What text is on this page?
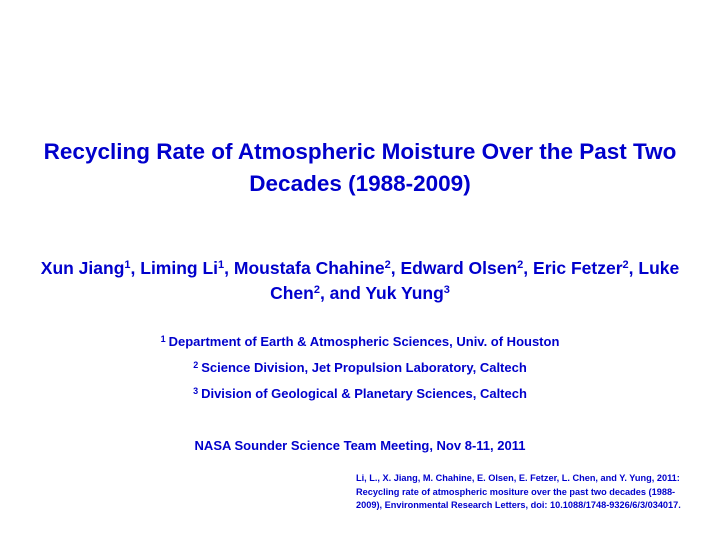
Recycling Rate of Atmospheric Moisture Over the Past Two Decades (1988-2009)
Xun Jiang$^1$, Liming Li$^1$, Moustafa Chahine$^2$, Edward Olsen$^2$, Eric Fetzer$^2$, Luke Chen$^2$, and Yuk Yung$^3$
$^1$ Department of Earth & Atmospheric Sciences, Univ. of Houston
$^2$ Science Division, Jet Propulsion Laboratory, Caltech
$^3$ Division of Geological & Planetary Sciences, Caltech
NASA Sounder Science Team Meeting, Nov 8-11, 2011
Li, L., X. Jiang, M. Chahine, E. Olsen, E. Fetzer, L. Chen, and Y. Yung, 2011: Recycling rate of atmospheric mositure over the past two decades (1988-2009), Environmental Research Letters, doi: 10.1088/1748-9326/6/3/034017.
